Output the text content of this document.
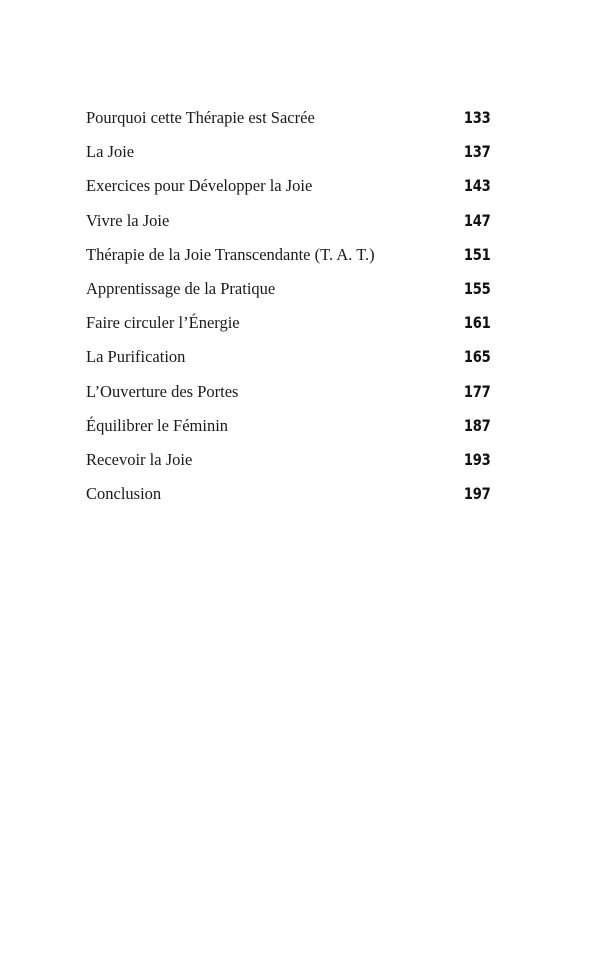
Pourquoi cette Thérapie est Sacrée	133
La Joie	137
Exercices pour Développer la Joie	143
Vivre la Joie	147
Thérapie de la Joie Transcendante (T. A. T.)	151
Apprentissage de la Pratique	155
Faire circuler l’Énergie	161
La Purification	165
L’Ouverture des Portes	177
Équilibrer le Féminin	187
Recevoir la Joie	193
Conclusion	197
